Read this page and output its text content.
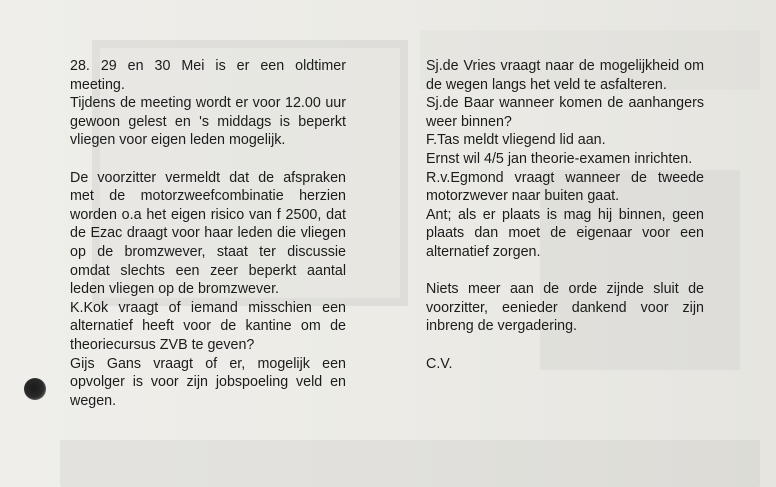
28. 29 en 30 Mei is er een oldtimer meeting.

Tijdens de meeting wordt er voor 12.00 uur gewoon gelest en 's middags is beperkt vliegen voor eigen leden mogelijk.

De voorzitter vermeldt dat de afspraken met de motorzweefcombinatie herzien worden o.a het eigen risico van f 2500, dat de Ezac draagt voor haar leden die vliegen op de bromzwever, staat ter discussie omdat slechts een zeer beperkt aantal leden vliegen op de bromzwever.

K.Kok vraagt of iemand misschien een alternatief heeft voor de kantine om de theoriecursus ZVB te geven?

Gijs Gans vraagt of er, mogelijk een opvolger is voor zijn jobspoeling veld en wegen.

Sj.de Vries vraagt naar de mogelijkheid om de wegen langs het veld te asfalteren.

Sj.de Baar wanneer komen de aanhangers weer binnen?

F.Tas meldt vliegend lid aan.

Ernst wil 4/5 jan theorie-examen inrichten.

R.v.Egmond vraagt wanneer de tweede motorzwever naar buiten gaat.

Ant; als er plaats is mag hij binnen, geen plaats dan moet de eigenaar voor een alternatief zorgen.

Niets meer aan de orde zijnde sluit de voorzitter, eenieder dankend voor zijn inbreng de vergadering.

C.V.
